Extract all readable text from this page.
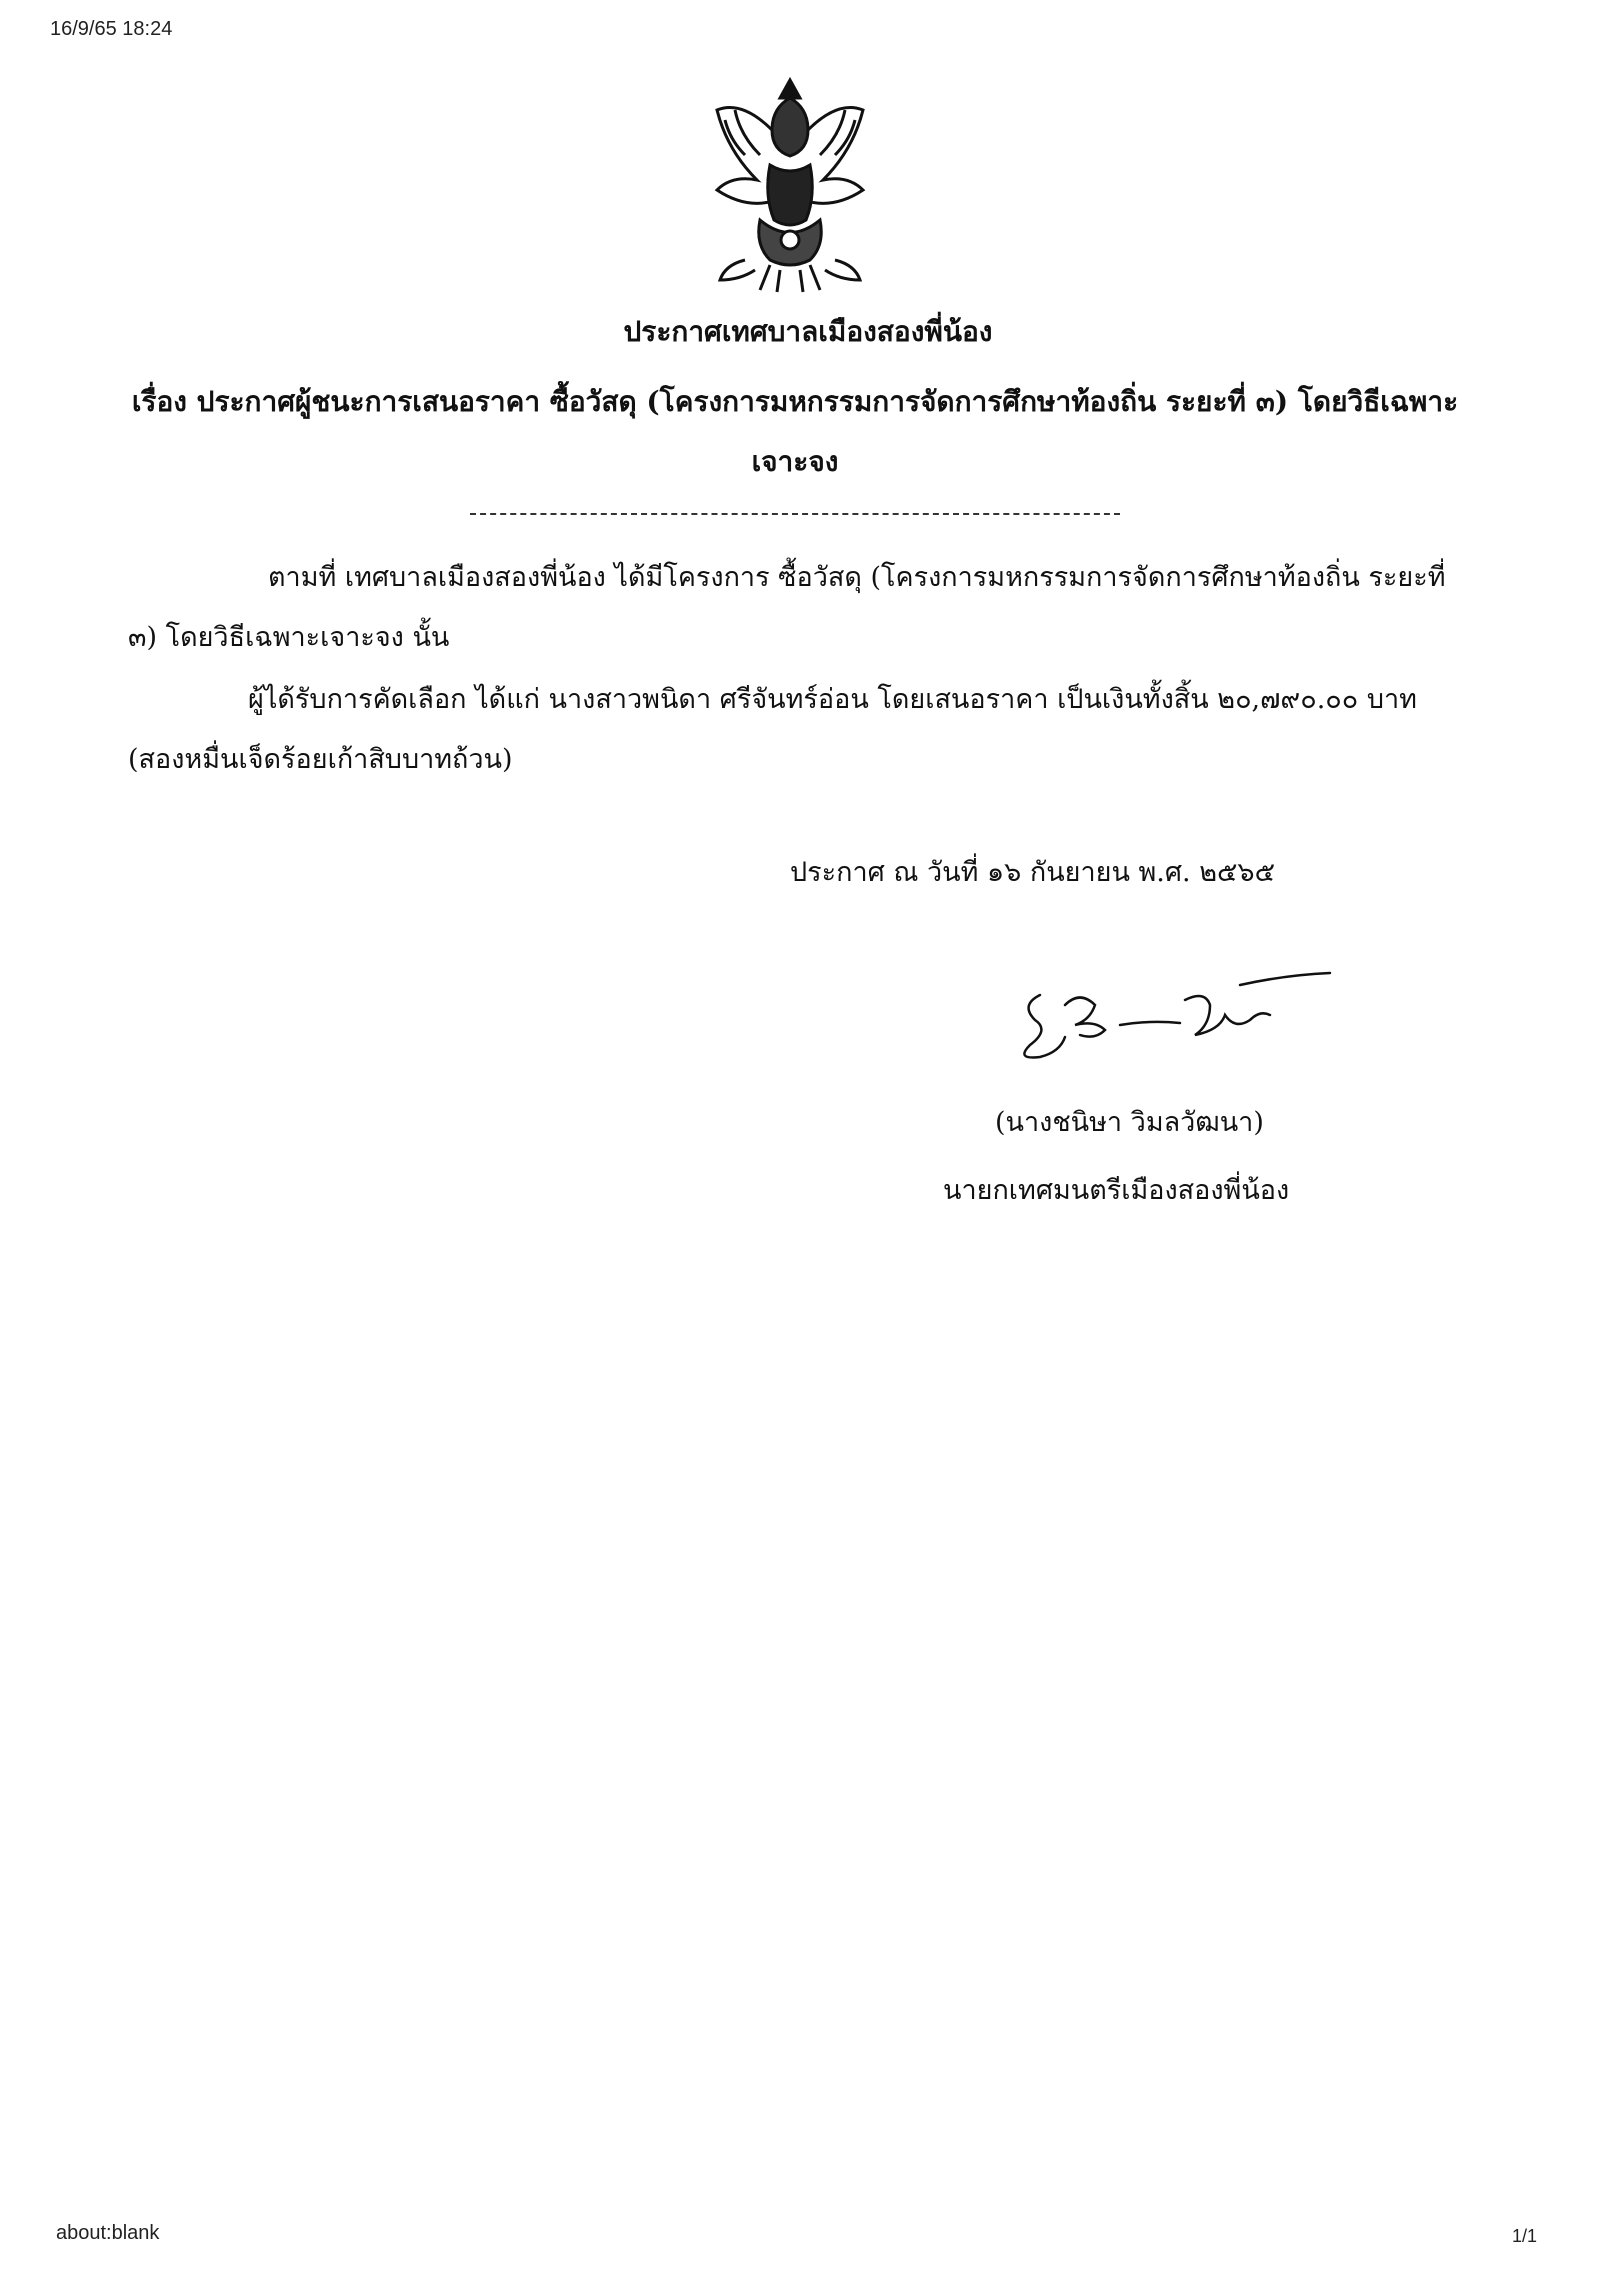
16/9/65 18:24
ประกาศเทศบาลเมืองสองพี่น้อง
เรื่อง ประกาศผู้ชนะการเสนอราคา ซื้อวัสดุ (โครงการมหกรรมการจัดการศึกษาท้องถิ่น ระยะที่ ๓) โดยวิธีเฉพาะ
เจาะจง
ตามที่ เทศบาลเมืองสองพี่น้อง ได้มีโครงการ ซื้อวัสดุ (โครงการมหกรรมการจัดการศึกษาท้องถิ่น ระยะที่ ๓) โดยวิธีเฉพาะเจาะจง นั้น
ผู้ได้รับการคัดเลือก ได้แก่ นางสาวพนิดา ศรีจันทร์อ่อน โดยเสนอราคา เป็นเงินทั้งสิ้น ๒๐,๗๙๐.๐๐ บาท (สองหมื่นเจ็ดร้อยเก้าสิบบาทถ้วน)
ประกาศ ณ วันที่ ๑๖ กันยายน พ.ศ. ๒๕๖๕
(นางชนิษา วิมลวัฒนา)
นายกเทศมนตรีเมืองสองพี่น้อง
about:blank	1/1
